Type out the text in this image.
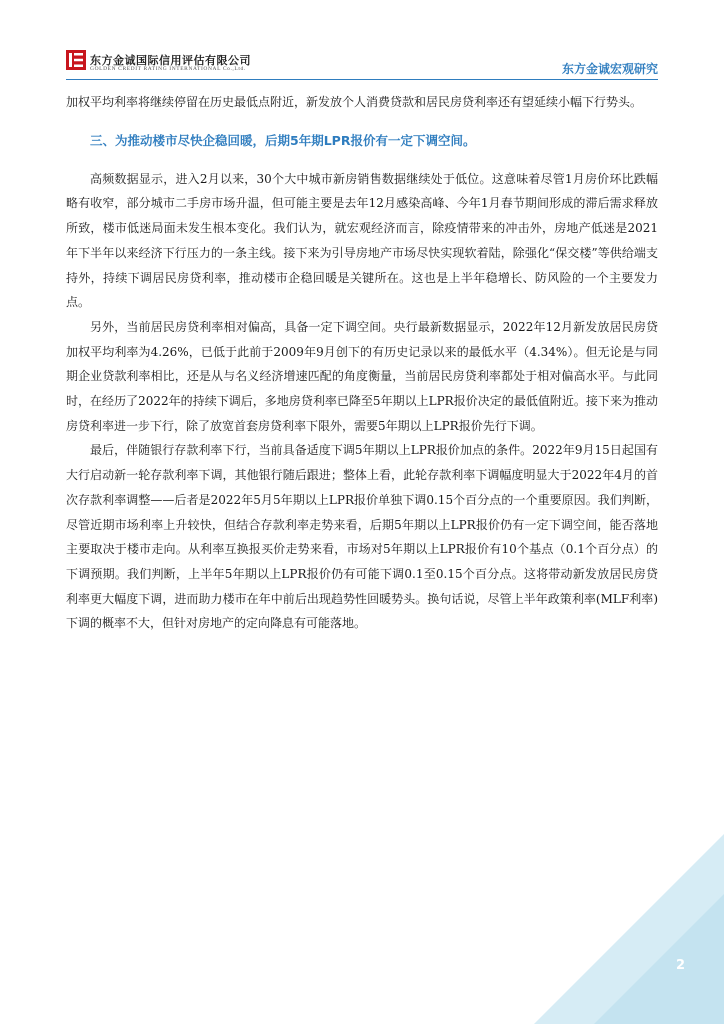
东方金诚国际信用评估有限公司
GOLDEN CREDIT RATING INTERNATIONAL Co.,Ltd.	东方金诚宏观研究

加权平均利率将继续停留在历史最低点附近，新发放个人消费贷款和居民房贷利率还有望延续小幅下行势头。

三、为推动楼市尽快企稳回暖，后期5年期LPR报价有一定下调空间。

高频数据显示，进入2月以来，30个大中城市新房销售数据继续处于低位。这意味着尽管1月房价环比跌幅略有收窄，部分城市二手房市场升温，但可能主要是去年12月感染高峰、今年1月春节期间形成的滞后需求释放所致，楼市低迷局面未发生根本变化。我们认为，就宏观经济而言，除疫情带来的冲击外，房地产低迷是2021年下半年以来经济下行压力的一条主线。接下来为引导房地产市场尽快实现软着陆，除强化“保交楼”等供给端支持外，持续下调居民房贷利率，推动楼市企稳回暖是关键所在。这也是上半年稳增长、防风险的一个主要发力点。

另外，当前居民房贷利率相对偏高，具备一定下调空间。央行最新数据显示，2022年12月新发放居民房贷加权平均利率为4.26%，已低于此前于2009年9月创下的有历史记录以来的最低水平（4.34%）。但无论是与同期企业贷款利率相比，还是从与名义经济增速匹配的角度衡量，当前居民房贷利率都处于相对偏高水平。与此同时，在经历了2022年的持续下调后，多地房贷利率已降至5年期以上LPR报价决定的最低值附近。接下来为推动房贷利率进一步下行，除了放宽首套房贷利率下限外，需要5年期以上LPR报价先行下调。

最后，伴随银行存款利率下行，当前具备适度下调5年期以上LPR报价加点的条件。2022年9月15日起国有大行启动新一轮存款利率下调，其他银行随后跟进；整体上看，此轮存款利率下调幅度明显大于2022年4月的首次存款利率调整——后者是2022年5月5年期以上LPR报价单独下调0.15个百分点的一个重要原因。我们判断，尽管近期市场利率上升较快，但结合存款利率走势来看，后期5年期以上LPR报价仍有一定下调空间，能否落地主要取决于楼市走向。从利率互换报买价走势来看，市场对5年期以上LPR报价有10个基点（0.1个百分点）的下调预期。我们判断，上半年5年期以上LPR报价仍有可能下调0.1至0.15个百分点。这将带动新发放居民房贷利率更大幅度下调，进而助力楼市在年中前后出现趋势性回暖势头。换句话说，尽管上半年政策利率(MLF利率)下调的概率不大，但针对房地产的定向降息有可能落地。

2
